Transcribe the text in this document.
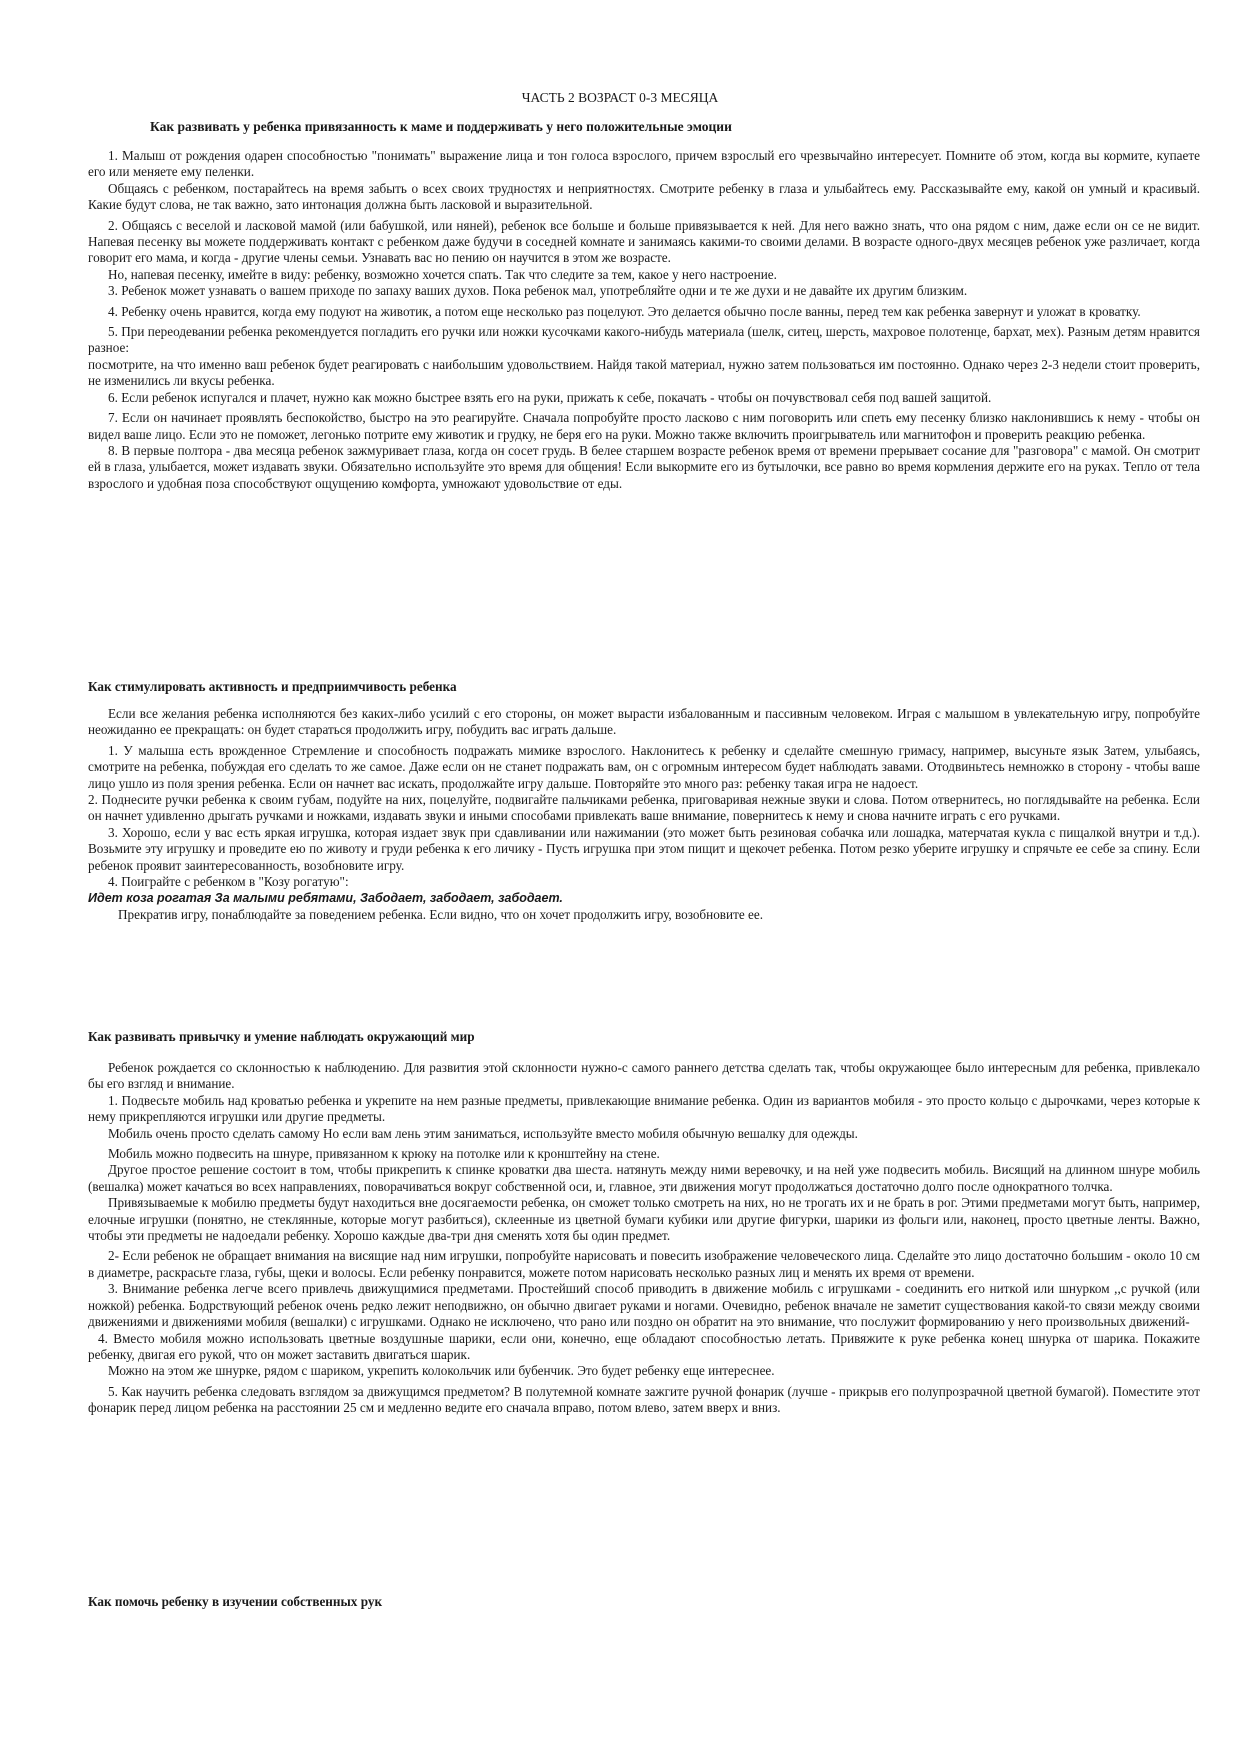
ЧАСТЬ 2 ВОЗРАСТ 0-3 МЕСЯЦА
Как развивать у ребенка привязанность к маме и поддерживать у него положительные эмоции

1. Малыш от рождения одарен способностью "понимать" выражение лица и тон голоса взрослого, причем взрослый его чрезвычайно интересует. Помните об этом, когда вы кормите, купаете его или меняете ему пеленки.

Общаясь с ребенком, постарайтесь на время забыть о всех своих трудностях и неприятностях. Смотрите ребенку в глаза и улыбайтесь ему. Рассказывайте ему, какой он умный и красивый. Какие будут слова, не так важно, зато интонация должна быть ласковой и выразительной.

2. Общаясь с веселой и ласковой мамой (или бабушкой, или няней), ребенок все больше и больше привязывается к ней. Для него важно знать, что она рядом с ним, даже если он се не видит. Напевая песенку вы можете поддерживать контакт с ребенком даже будучи в соседней комнате и занимаясь какими-то своими делами. В возрасте одного-двух месяцев ребенок уже различает, когда говорит его мама, и когда - другие члены семьи. Узнавать вас но пению он научится в этом же возрасте.

Но, напевая песенку, имейте в виду: ребенку, возможно хочется спать. Так что следите за тем, какое у него настроение.

3. Ребенок может узнавать о вашем приходе по запаху ваших духов. Пока ребенок мал, употребляйте одни и те же духи и не давайте их другим близким.

4. Ребенку очень нравится, когда ему подуют на животик, а потом еще несколько раз поцелуют. Это делается обычно после ванны, перед тем как ребенка завернут и уложат в кроватку.

5. При переодевании ребенка рекомендуется погладить его ручки или ножки кусочками какого-нибудь материала (шелк, ситец, шерсть, махровое полотенце, бархат, мех). Разным детям нравится разное:

посмотрите, на что именно ваш ребенок будет реагировать с наибольшим удовольствием. Найдя такой материал, нужно затем пользоваться им постоянно. Однако через 2-3 недели стоит проверить, не изменились ли вкусы ребенка.

6. Если ребенок испугался и плачет, нужно как можно быстрее взять его на руки, прижать к себе, покачать - чтобы он почувствовал себя под вашей защитой.

7. Если он начинает проявлять беспокойство, быстро на это реагируйте. Сначала попробуйте просто ласково с ним поговорить или спеть ему песенку близко наклонившись к нему - чтобы он видел ваше лицо. Если это не поможет, легонько потрите ему животик и грудку, не беря его на руки. Можно также включить проигрыватель или магнитофон и проверить реакцию ребенка.

8. В первые полтора - два месяца ребенок зажмуривает глаза, когда он сосет грудь. В белее старшем возрасте ребенок время от времени прерывает сосание для "разговора" с мамой. Он смотрит ей в глаза, улыбается, может издавать звуки. Обязательно используйте это время для общения! Если выкормите его из бутылочки, все равно во время кормления держите его на руках. Тепло от тела взрослого и удобная поза способствуют ощущению комфорта, умножают удовольствие от еды.

Как стимулировать активность и предприимчивость ребенка

Если все желания ребенка исполняются без каких-либо усилий с его стороны, он может вырасти избалованным и пассивным человеком. Играя с малышом в увлекательную игру, попробуйте неожиданно ее прекращать: он будет стараться продолжить игру, побудить вас играть дальше.

1. У малыша есть врожденное Стремление и способность подражать мимике взрослого. Наклонитесь к ребенку и сделайте смешную гримасу, например, высуньте язык Затем, улыбаясь, смотрите на ребенка, побуждая его сделать то же самое. Даже если он не станет подражать вам, он с огромным интересом будет наблюдать завами. Отодвиньтесь немножко в сторону - чтобы ваше лицо ушло из поля зрения ребенка. Если он начнет вас искать, продолжайте игру дальше. Повторяйте это много раз: ребенку такая игра не надоест.

2. Поднесите ручки ребенка к своим губам, подуйте на них, поцелуйте, подвигайте пальчиками ребенка, приговаривая нежные звуки и слова. Потом отвернитесь, но поглядывайте на ребенка. Если он начнет удивленно дрыгать ручками и ножками, издавать звуки и иными способами привлекать ваше внимание, повернитесь к нему и снова начните играть с его ручками.

3. Хорошо, если у вас есть яркая игрушка, которая издает звук при сдавливании или нажимании (это может быть резиновая собачка или лошадка, матерчатая кукла с пищалкой внутри и т.д.). Возьмите эту игрушку и проведите ею по животу и груди ребенка к его личику - Пусть игрушка при этом пищит и щекочет ребенка. Потом резко уберите игрушку и спрячьте ее себе за спину. Если ребенок проявит заинтересованность, возобновите игру.

4. Поиграйте с ребенком в "Козу рогатую":

Идет коза рогатая За малыми ребятами, Забодает, забодает, забодает.

Прекратив игру, понаблюдайте за поведением ребенка. Если видно, что он хочет продолжить игру, возобновите ее.

Как развивать привычку и умение наблюдать окружающий мир

Ребенок рождается со склонностью к наблюдению. Для развития этой склонности нужно-с самого раннего детства сделать так, чтобы окружающее было интересным для ребенка, привлекало бы его взгляд и внимание.

1. Подвесьте мобиль над кроватью ребенка и укрепите на нем разные предметы, привлекающие внимание ребенка. Один из вариантов мобиля - это просто кольцо с дырочками, через которые к нему прикрепляются игрушки или другие предметы.

Мобиль очень просто сделать самому Но если вам лень этим заниматься, используйте вместо мобиля обычную вешалку для одежды.

Мобиль можно подвесить на шнуре, привязанном к крюку на потолке или к кронштейну на стене.

Другое простое решение состоит в том, чтобы прикрепить к спинке кроватки два шеста. натянуть между ними веревочку, и на ней уже подвесить мобиль. Висящий на длинном шнуре мобиль (вешалка) может качаться во всех направлениях, поворачиваться вокруг собственной оси, и, главное, эти движения могут продолжаться достаточно долго после однократного толчка.

Привязываемые к мобилю предметы будут находиться вне досягаемости ребенка, он сможет только смотреть на них, но не трогать их и не брать в рог. Этими предметами могут быть, например, елочные игрушки (понятно, не стеклянные, которые могут разбиться), склеенные из цветной бумаги кубики или другие фигурки, шарики из фольги или, наконец, просто цветные ленты. Важно, чтобы эти предметы не надоедали ребенку. Хорошо каждые два-три дня сменять хотя бы один предмет.

2- Если ребенок не обращает внимания на висящие над ним игрушки, попробуйте нарисовать и повесить изображение человеческого лица. Сделайте это лицо достаточно большим - около 10 см в диаметре, раскрасьте глаза, губы, щеки и волосы. Если ребенку понравится, можете потом нарисовать несколько разных лиц и менять их время от времени.

3. Внимание ребенка легче всего привлечь движущимися предметами. Простейший способ приводить в движение мобиль с игрушками - соединить его ниткой или шнурком ,,с ручкой (или ножкой) ребенка. Бодрствующий ребенок очень редко лежит неподвижно, он обычно двигает руками и ногами. Очевидно, ребенок вначале не заметит существования какой-то связи между своими движениями и движениями мобиля (вешалки) с игрушками. Однако не исключено, что рано или поздно он обратит на это внимание, что послужит формированию у него произвольных движений-

4. Вместо мобиля можно использовать цветные воздушные шарики, если они, конечно, еще обладают способностью летать. Привяжите к руке ребенка конец шнурка от шарика. Покажите ребенку, двигая его рукой, что он может заставить двигаться шарик.

Можно на этом же шнурке, рядом с шариком, укрепить колокольчик или бубенчик. Это будет ребенку еще интереснее.

5. Как научить ребенка следовать взглядом за движущимся предметом? В полутемной комнате зажгите ручной фонарик (лучше - прикрыв его полупрозрачной цветной бумагой). Поместите этот фонарик перед лицом ребенка на расстоянии 25 см и медленно ведите его сначала вправо, потом влево, затем вверх и вниз.

Как помочь ребенку в изучении собственных рук
